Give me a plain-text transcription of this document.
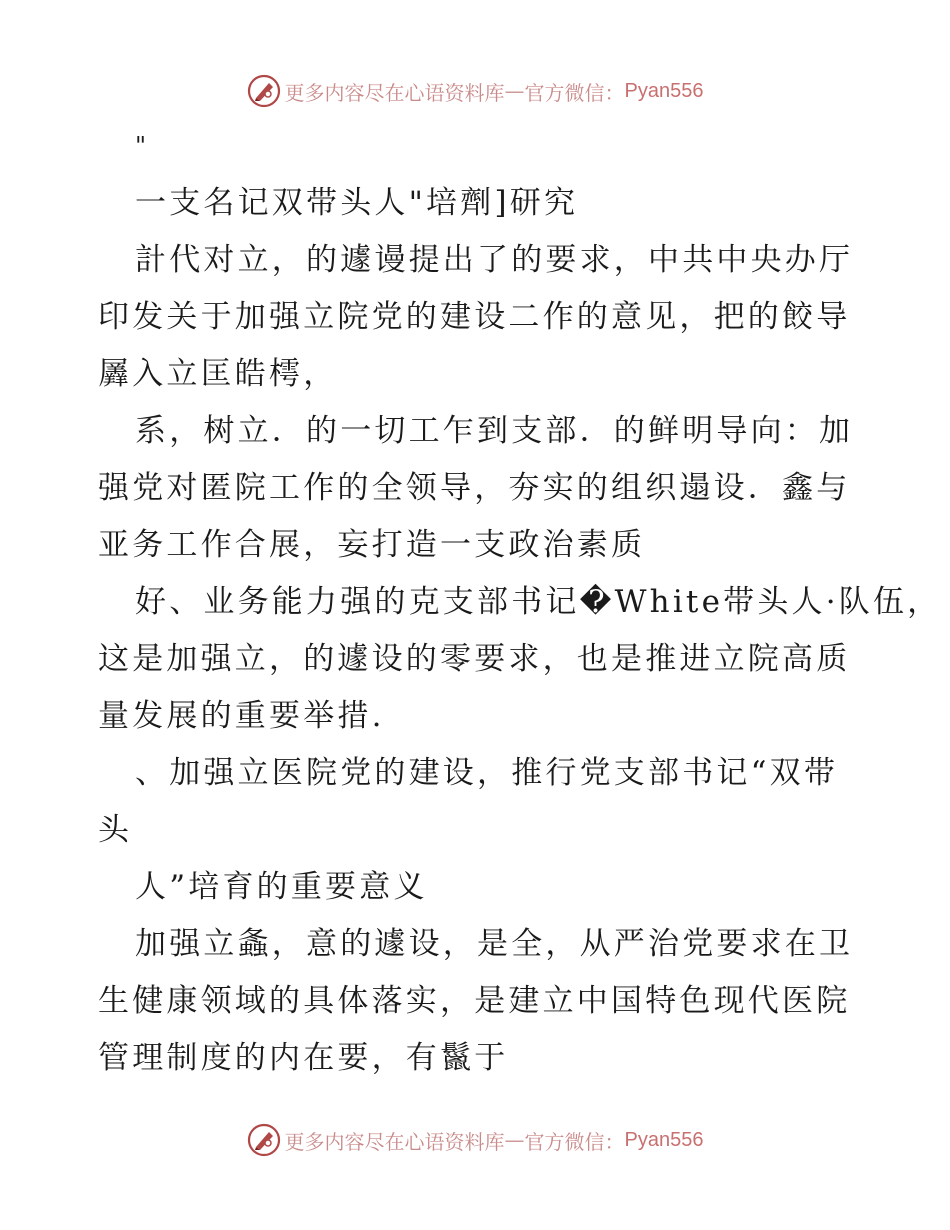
更多内容尽在心语资料库 — 官方微信： Pyan556
"
一支名记双带头人"培劑]研究
計代对立，的遽谩提出了的要求，中共中央办厅
印发关于加强立院党的建设二作的意见，把的餃导
羼入立匡皓樗，
系，树立．的一切工乍到支部．的鲜明导向：加
强党对匿院工作的全领导，夯实的组织遢设．鑫与
亚务工作合展，妄打造一支政治素质
好、业务能力强的克支部书记�White带头人·队伍，
这是加强立，的遽设的零要求，也是推进立院高质
量发展的重要举措.
、加强立医院党的建设，推行党支部书记“双带
头
人”培育的重要意义
加强立螽，意的遽设，是全，从严治党要求在卫
生健康领域的具体落实，是建立中国特色现代医院
管理制度的内在要，有鬣于
更多内容尽在心语资料库 — 官方微信： Pyan556
